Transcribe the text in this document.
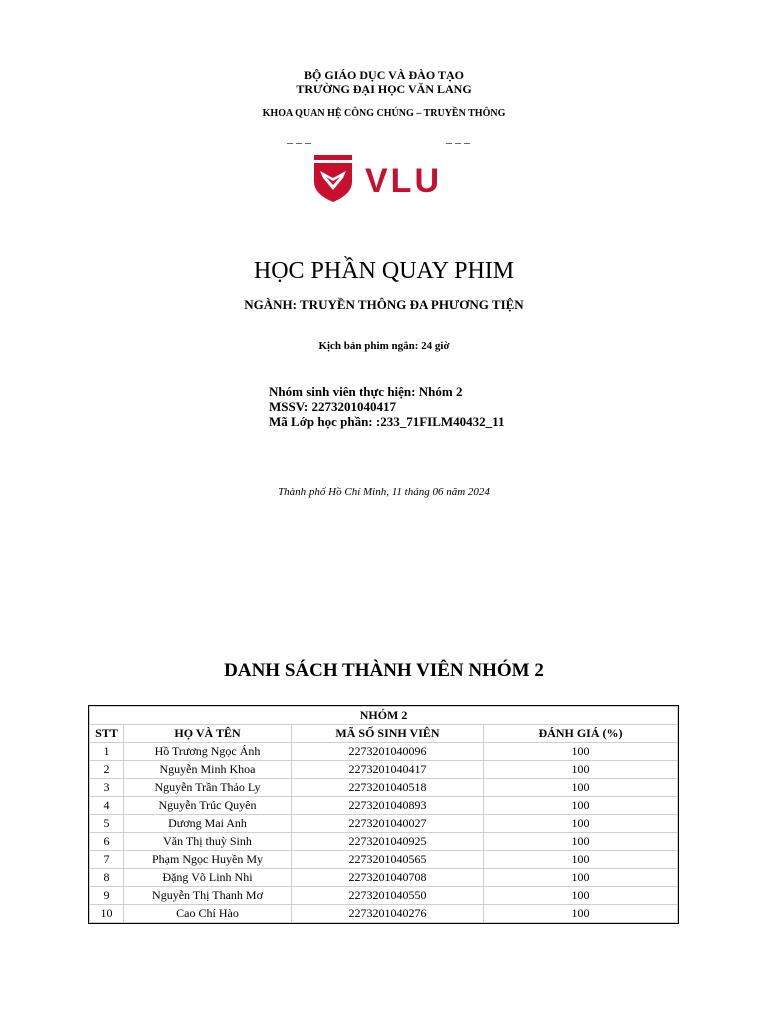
BỘ GIÁO DỤC VÀ ĐÀO TẠO
TRƯỜNG ĐẠI HỌC VĂN LANG
KHOA QUAN HỆ CÔNG CHÚNG – TRUYỀN THÔNG
_ _ _	_ _ _
VLU
HỌC PHẦN QUAY PHIM
NGÀNH: TRUYỀN THÔNG ĐA PHƯƠNG TIỆN
Kịch bản phim ngắn: 24 giờ
Nhóm sinh viên thực hiện: Nhóm 2
MSSV: 2273201040417
Mã Lớp học phần: :233_71FILM40432_11
Thành phố Hồ Chí Minh, 11 tháng 06 năm 2024
DANH SÁCH THÀNH VIÊN NHÓM 2
NHÓM 2			
STT	HỌ VÀ TÊN	MÃ SỐ SINH VIÊN	ĐÁNH GIÁ (%)
1	Hồ Trương Ngọc Ánh	2273201040096	100
2	Nguyễn Minh Khoa	2273201040417	100
3	Nguyễn Trần Thảo Ly	2273201040518	100
4	Nguyễn Trúc Quyên	2273201040893	100
5	Dương Mai Anh	2273201040027	100
6	Văn Thị thuỳ Sinh	2273201040925	100
7	Phạm Ngọc Huyền My	2273201040565	100
8	Đặng Võ Linh Nhi	2273201040708	100
9	Nguyễn Thị Thanh Mơ	2273201040550	100
10	Cao Chí Hào	2273201040276	100
